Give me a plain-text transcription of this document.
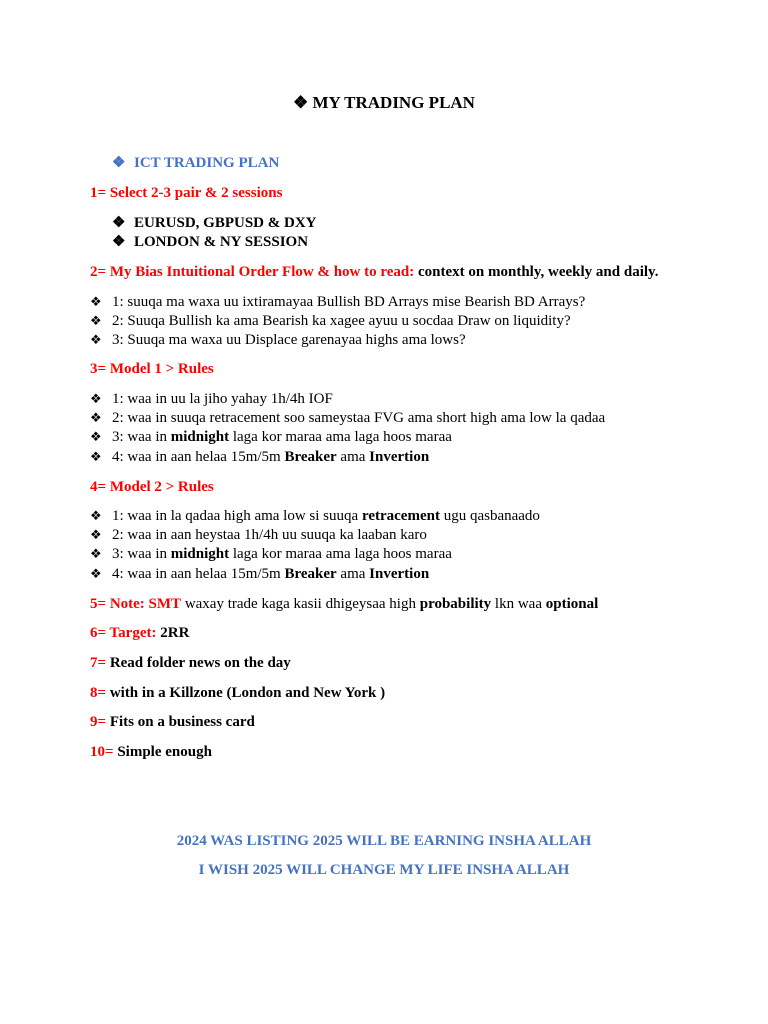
❖ MY TRADING PLAN
❖ ICT TRADING PLAN
1= Select 2-3 pair & 2 sessions
❖ EURUSD, GBPUSD & DXY
❖ LONDON & NY SESSION
2= My Bias Intuitional Order Flow & how to read: context on monthly, weekly and daily.
❖ 1: suuqa ma waxa uu ixtiramayaa Bullish BD Arrays mise Bearish BD Arrays?
❖ 2: Suuqa Bullish ka ama Bearish ka xagee ayuu u socdaa Draw on liquidity?
❖ 3: Suuqa ma waxa uu Displace garenayaa highs ama lows?
3= Model 1 > Rules
❖ 1: waa in uu la jiho yahay 1h/4h IOF
❖ 2: waa in suuqa retracement soo sameystaa FVG ama short high ama low la qadaa
❖ 3: waa in midnight laga kor maraa ama laga hoos maraa
❖ 4: waa in aan helaa 15m/5m Breaker ama Invertion
4= Model 2 > Rules
❖ 1: waa in la qadaa high ama low si suuqa retracement ugu qasbanaado
❖ 2: waa in aan heystaa 1h/4h uu suuqa ka laaban karo
❖ 3: waa in midnight laga kor maraa ama laga hoos maraa
❖ 4: waa in aan helaa 15m/5m Breaker ama Invertion
5= Note: SMT waxay trade kaga kasii dhigeysaa high probability lkn waa optional
6= Target: 2RR
7= Read folder news on the day
8= with in a Killzone (London and New York )
9= Fits on a business card
10= Simple enough
2024 WAS LISTING 2025 WILL BE EARNING INSHA ALLAH
I WISH 2025 WILL CHANGE MY LIFE INSHA ALLAH
